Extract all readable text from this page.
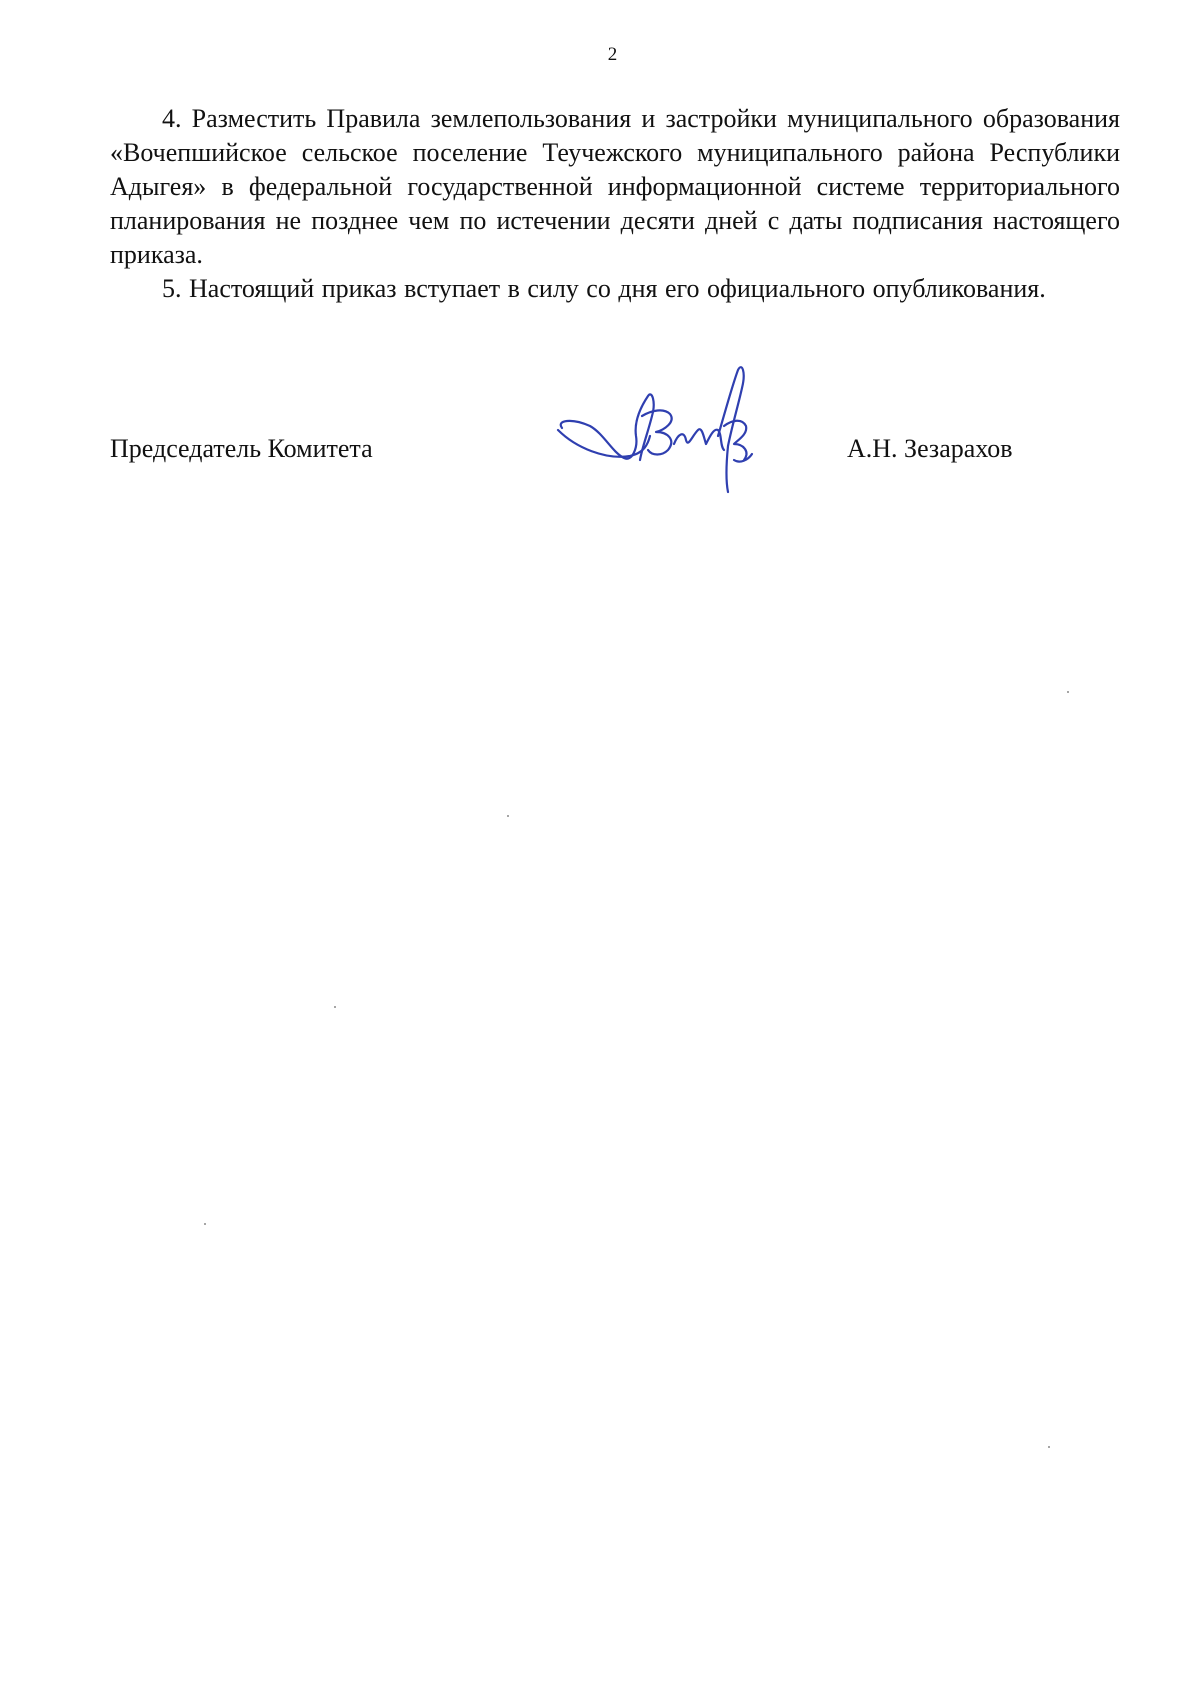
2

4. Разместить Правила землепользования и застройки муниципального образования «Вочепшийское сельское поселение Теучежского муниципального района Республики Адыгея» в федеральной государственной информационной системе территориального планирования не позднее чем по истечении десяти дней с даты подписания настоящего приказа.

5. Настоящий приказ вступает в силу со дня его официального опубликования.

Председатель Комитета	А.Н. Зезарахов
